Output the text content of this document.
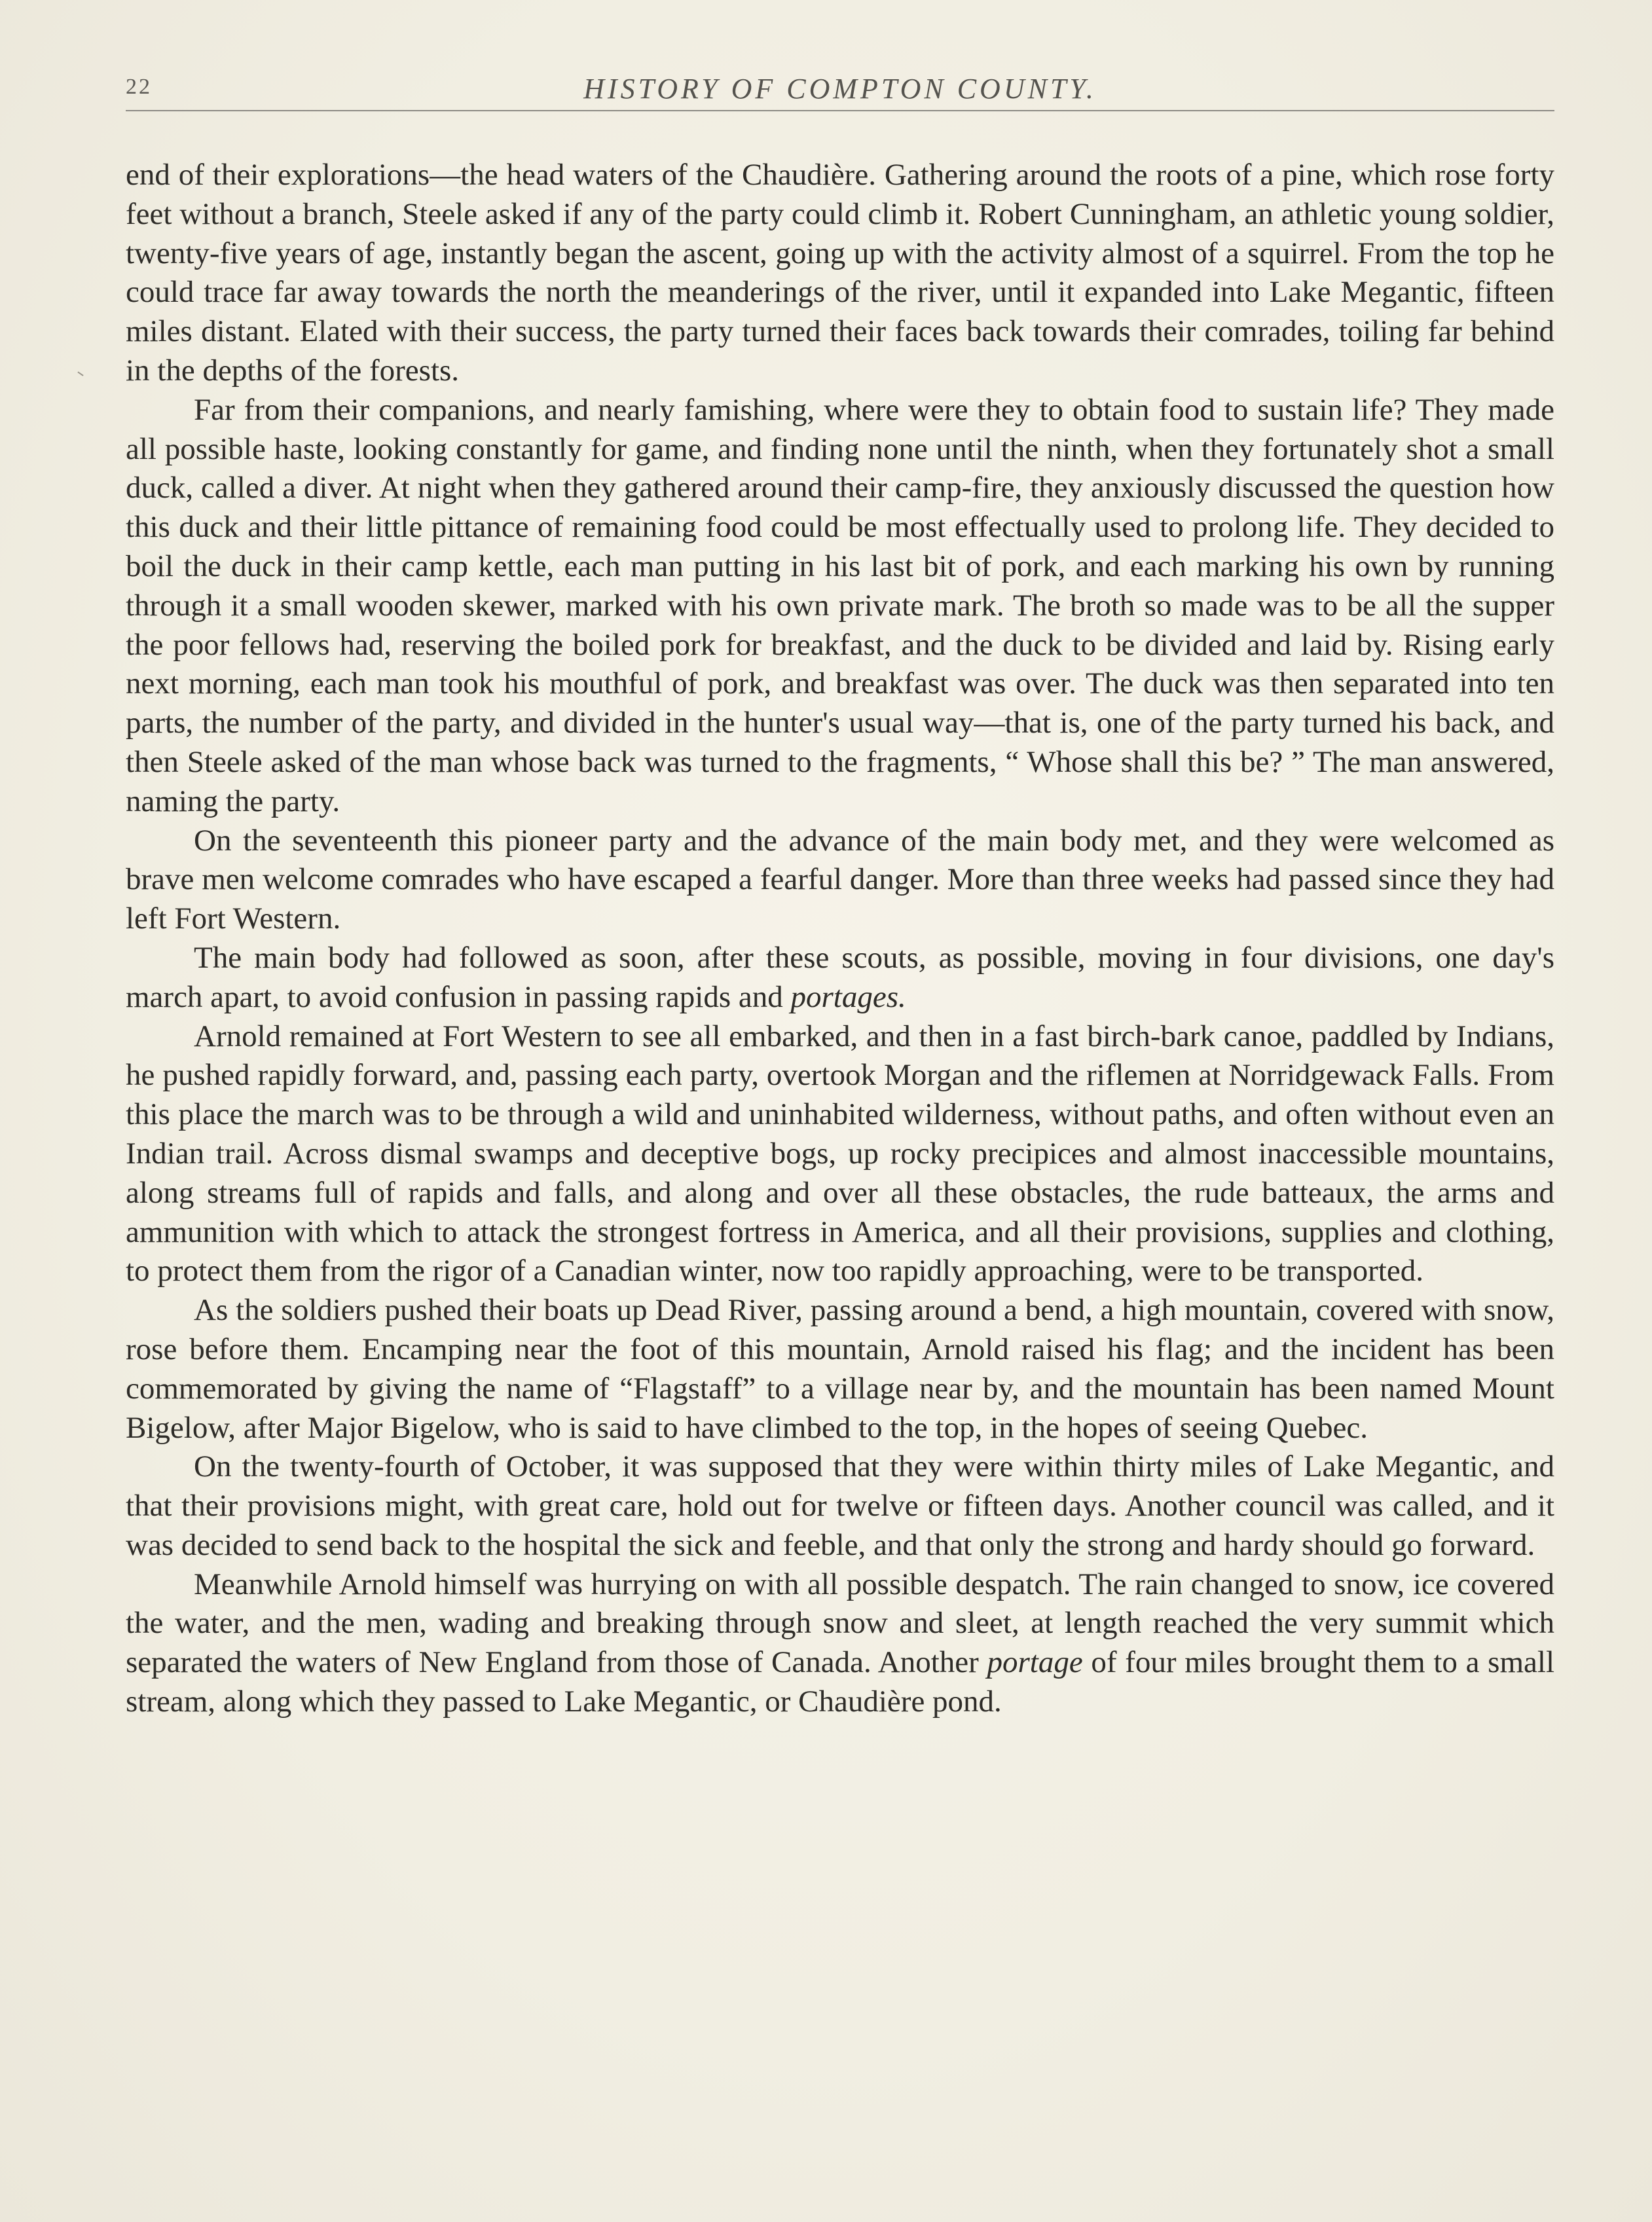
22	HISTORY OF COMPTON COUNTY.

end of their explorations—the head waters of the Chaudière. Gathering around the roots of a pine, which rose forty feet without a branch, Steele asked if any of the party could climb it. Robert Cunningham, an athletic young soldier, twenty-five years of age, instantly began the ascent, going up with the activity almost of a squirrel. From the top he could trace far away towards the north the meanderings of the river, until it expanded into Lake Megantic, fifteen miles distant. Elated with their success, the party turned their faces back towards their comrades, toiling far behind in the depths of the forests.

Far from their companions, and nearly famishing, where were they to obtain food to sustain life? They made all possible haste, looking constantly for game, and finding none until the ninth, when they fortunately shot a small duck, called a diver. At night when they gathered around their camp-fire, they anxiously discussed the question how this duck and their little pittance of remaining food could be most effectually used to prolong life. They decided to boil the duck in their camp kettle, each man putting in his last bit of pork, and each marking his own by running through it a small wooden skewer, marked with his own private mark. The broth so made was to be all the supper the poor fellows had, reserving the boiled pork for breakfast, and the duck to be divided and laid by. Rising early next morning, each man took his mouthful of pork, and breakfast was over. The duck was then separated into ten parts, the number of the party, and divided in the hunter's usual way—that is, one of the party turned his back, and then Steele asked of the man whose back was turned to the fragments, “ Whose shall this be? ” The man answered, naming the party.

On the seventeenth this pioneer party and the advance of the main body met, and they were welcomed as brave men welcome comrades who have escaped a fearful danger. More than three weeks had passed since they had left Fort Western.

The main body had followed as soon, after these scouts, as possible, moving in four divisions, one day's march apart, to avoid confusion in passing rapids and portages.

Arnold remained at Fort Western to see all embarked, and then in a fast birch-bark canoe, paddled by Indians, he pushed rapidly forward, and, passing each party, overtook Morgan and the riflemen at Norridgewack Falls. From this place the march was to be through a wild and uninhabited wilderness, without paths, and often without even an Indian trail. Across dismal swamps and deceptive bogs, up rocky precipices and almost inaccessible mountains, along streams full of rapids and falls, and along and over all these obstacles, the rude batteaux, the arms and ammunition with which to attack the strongest fortress in America, and all their provisions, supplies and clothing, to protect them from the rigor of a Canadian winter, now too rapidly approaching, were to be transported.

As the soldiers pushed their boats up Dead River, passing around a bend, a high mountain, covered with snow, rose before them. Encamping near the foot of this mountain, Arnold raised his flag; and the incident has been commemorated by giving the name of “Flagstaff” to a village near by, and the mountain has been named Mount Bigelow, after Major Bigelow, who is said to have climbed to the top, in the hopes of seeing Quebec.

On the twenty-fourth of October, it was supposed that they were within thirty miles of Lake Megantic, and that their provisions might, with great care, hold out for twelve or fifteen days. Another council was called, and it was decided to send back to the hospital the sick and feeble, and that only the strong and hardy should go forward.

Meanwhile Arnold himself was hurrying on with all possible despatch. The rain changed to snow, ice covered the water, and the men, wading and breaking through snow and sleet, at length reached the very summit which separated the waters of New England from those of Canada. Another portage of four miles brought them to a small stream, along which they passed to Lake Megantic, or Chaudière pond.
